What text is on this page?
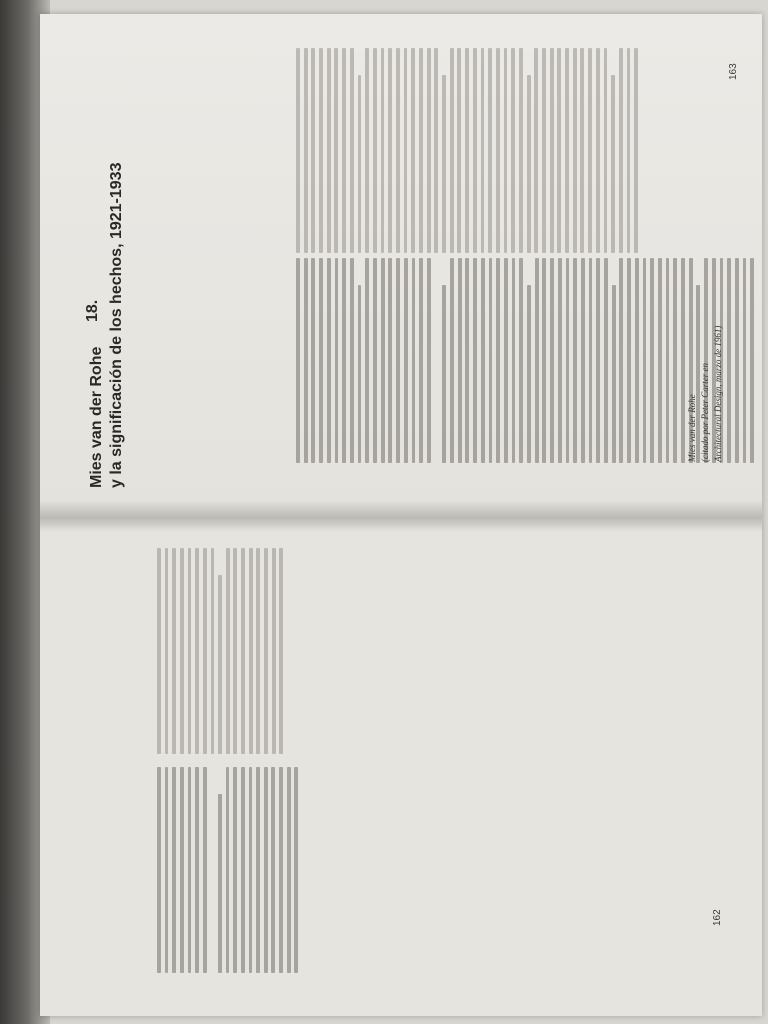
18.
Mies van der Rohe y la significación de los hechos, 1921-1933	Mies van der Rohe (citado por Peter Carter en Architectural Design, marzo de 1961)
163
162
